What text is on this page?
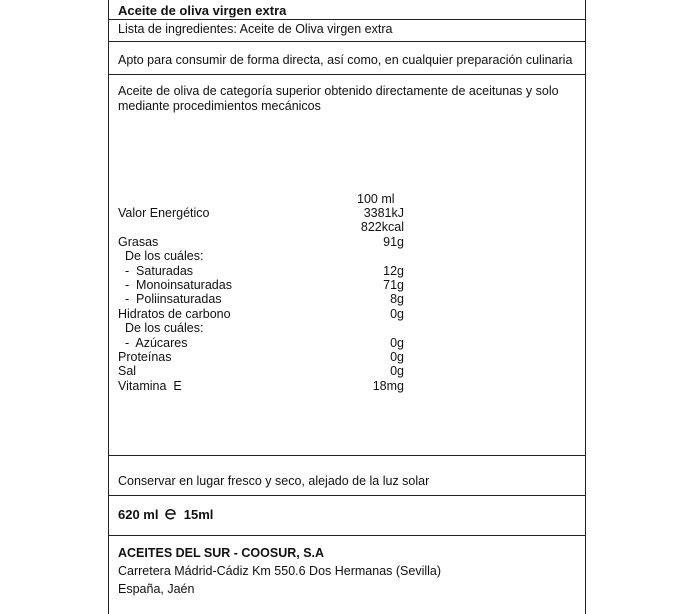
Aceite de oliva virgen extra
Lista de ingredientes: Aceite de Oliva virgen extra
Apto para consumir de forma directa, así como, en cualquier preparación culinaria
Aceite de oliva de categoría superior obtenido directamente de aceitunas y solo
mediante procedimientos mecánicos
100 ml
Valor Energético	3381kJ
822kcal
Grasas	91g
De los cuáles:
-  Saturadas	12g
-  Monoinsaturadas	71g
-  Poliinsaturadas	8g
Hidratos de carbono	0g
De los cuáles:
-  Azúcares	0g
Proteínas	0g
Sal	0g
Vitamina  E	18mg
Conservar en lugar fresco y seco, alejado de la luz solar
620 ml 15ml
ACEITES DEL SUR - COOSUR, S.A
Carretera Mádrid-Cádiz Km 550.6 Dos Hermanas (Sevilla)
España, Jaén
